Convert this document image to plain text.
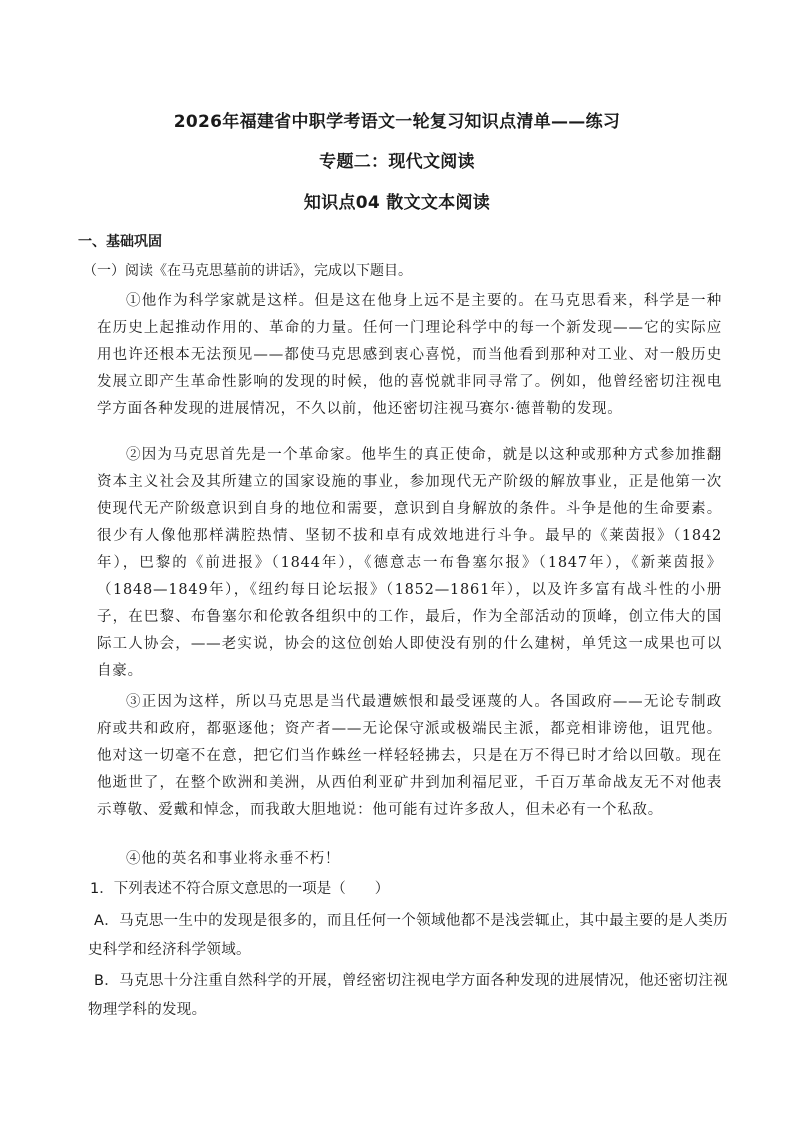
2026年福建省中职学考语文一轮复习知识点清单——练习
专题二：现代文阅读
知识点04 散文文本阅读
一、基础巩固
（一）阅读《在马克思墓前的讲话》，完成以下题目。

①他作为科学家就是这样。但是这在他身上远不是主要的。在马克思看来，科学是一种在历史上起推动作用的、革命的力量。任何一门理论科学中的每一个新发现——它的实际应用也许还根本无法预见——都使马克思感到衷心喜悦，而当他看到那种对工业、对一般历史发展立即产生革命性影响的发现的时候，他的喜悦就非同寻常了。例如，他曾经密切注视电学方面各种发现的进展情况，不久以前，他还密切注视马赛尔·德普勒的发现。

②因为马克思首先是一个革命家。他毕生的真正使命，就是以这种或那种方式参加推翻资本主义社会及其所建立的国家设施的事业，参加现代无产阶级的解放事业，正是他第一次使现代无产阶级意识到自身的地位和需要，意识到自身解放的条件。斗争是他的生命要素。很少有人像他那样满腔热情、坚韧不拔和卓有成效地进行斗争。最早的《莱茵报》（1842年），巴黎的《前进报》（1844年），《德意志一布鲁塞尔报》（1847年），《新莱茵报》（1848—1849年），《纽约每日论坛报》（1852—1861年），以及许多富有战斗性的小册子，在巴黎、布鲁塞尔和伦敦各组织中的工作，最后，作为全部活动的顶峰，创立伟大的国际工人协会，——老实说，协会的这位创始人即使没有别的什么建树，单凭这一成果也可以自豪。

③正因为这样，所以马克思是当代最遭嫉恨和最受诬蔑的人。各国政府——无论专制政府或共和政府，都驱逐他；资产者——无论保守派或极端民主派，都竞相诽谤他，诅咒他。他对这一切毫不在意，把它们当作蛛丝一样轻轻拂去，只是在万不得已时才给以回敬。现在他逝世了，在整个欧洲和美洲，从西伯利亚矿井到加利福尼亚，千百万革命战友无不对他表示尊敬、爱戴和悼念，而我敢大胆地说：他可能有过许多敌人，但未必有一个私敌。

④他的英名和事业将永垂不朽！

1．下列表述不符合原文意思的一项是（　　）

A．马克思一生中的发现是很多的，而且任何一个领域他都不是浅尝辄止，其中最主要的是人类历史科学和经济科学领域。

B．马克思十分注重自然科学的开展，曾经密切注视电学方面各种发现的进展情况，他还密切注视物理学科的发现。
